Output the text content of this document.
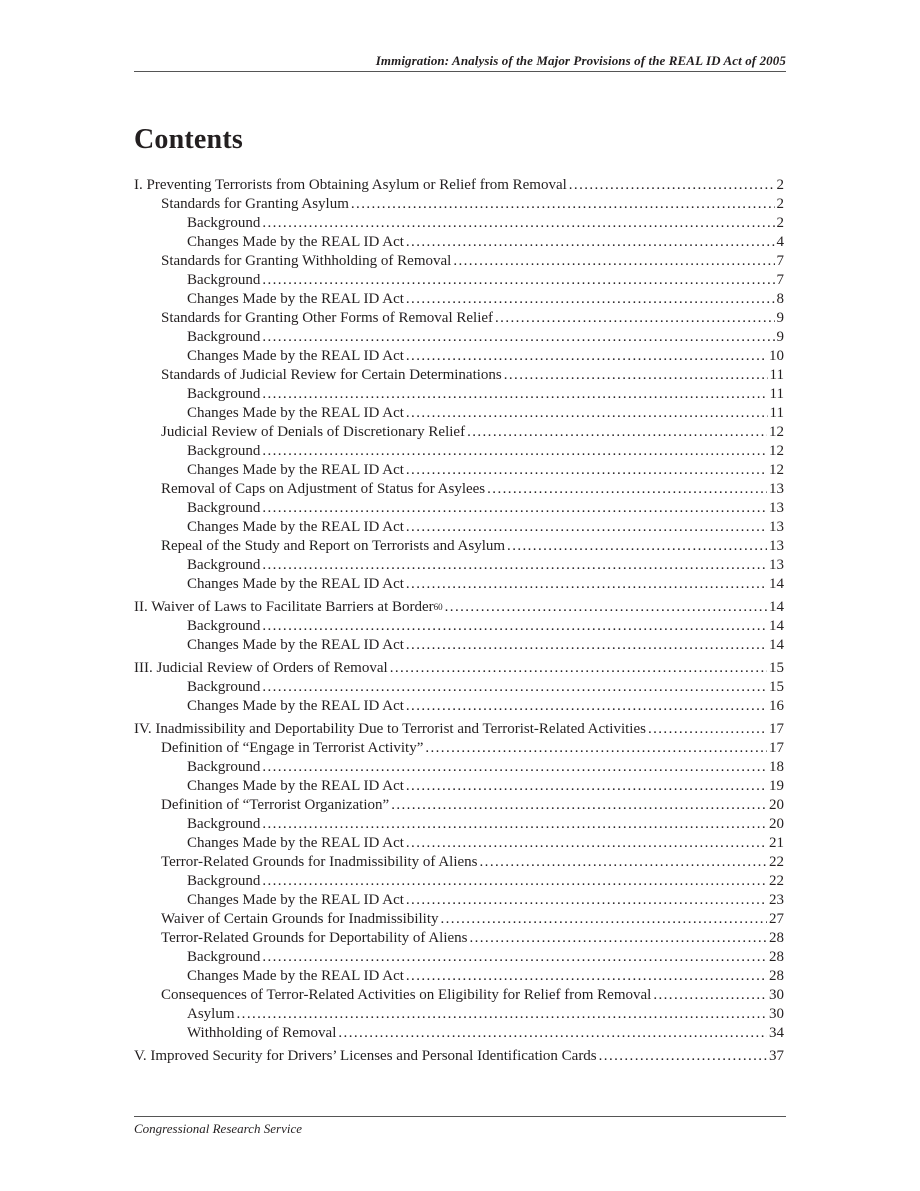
Immigration: Analysis of the Major Provisions of the REAL ID Act of 2005
Contents
I. Preventing Terrorists from Obtaining Asylum or Relief from Removal .....	2
Standards for Granting Asylum .....	2
Background .....	2
Changes Made by the REAL ID Act .....	4
Standards for Granting Withholding of Removal .....	7
Background .....	7
Changes Made by the REAL ID Act .....	8
Standards for Granting Other Forms of Removal Relief .....	9
Background .....	9
Changes Made by the REAL ID Act .....	10
Standards of Judicial Review for Certain Determinations .....	11
Background .....	11
Changes Made by the REAL ID Act .....	11
Judicial Review of Denials of Discretionary Relief .....	12
Background .....	12
Changes Made by the REAL ID Act .....	12
Removal of Caps on Adjustment of Status for Asylees .....	13
Background .....	13
Changes Made by the REAL ID Act .....	13
Repeal of the Study and Report on Terrorists and Asylum .....	13
Background .....	13
Changes Made by the REAL ID Act .....	14
II. Waiver of Laws to Facilitate Barriers at Border$^{60}$ .....	14
Background .....	14
Changes Made by the REAL ID Act .....	14
III. Judicial Review of Orders of Removal .....	15
Background .....	15
Changes Made by the REAL ID Act .....	16
IV. Inadmissibility and Deportability Due to Terrorist and Terrorist-Related Activities .....	17
Definition of “Engage in Terrorist Activity” .....	17
Background .....	18
Changes Made by the REAL ID Act .....	19
Definition of “Terrorist Organization” .....	20
Background .....	20
Changes Made by the REAL ID Act .....	21
Terror-Related Grounds for Inadmissibility of Aliens .....	22
Background .....	22
Changes Made by the REAL ID Act .....	23
Waiver of Certain Grounds for Inadmissibility .....	27
Terror-Related Grounds for Deportability of Aliens .....	28
Background .....	28
Changes Made by the REAL ID Act .....	28
Consequences of Terror-Related Activities on Eligibility for Relief from Removal .....	30
Asylum .....	30
Withholding of Removal .....	34
V. Improved Security for Drivers’ Licenses and Personal Identification Cards .....	37
Congressional Research Service
